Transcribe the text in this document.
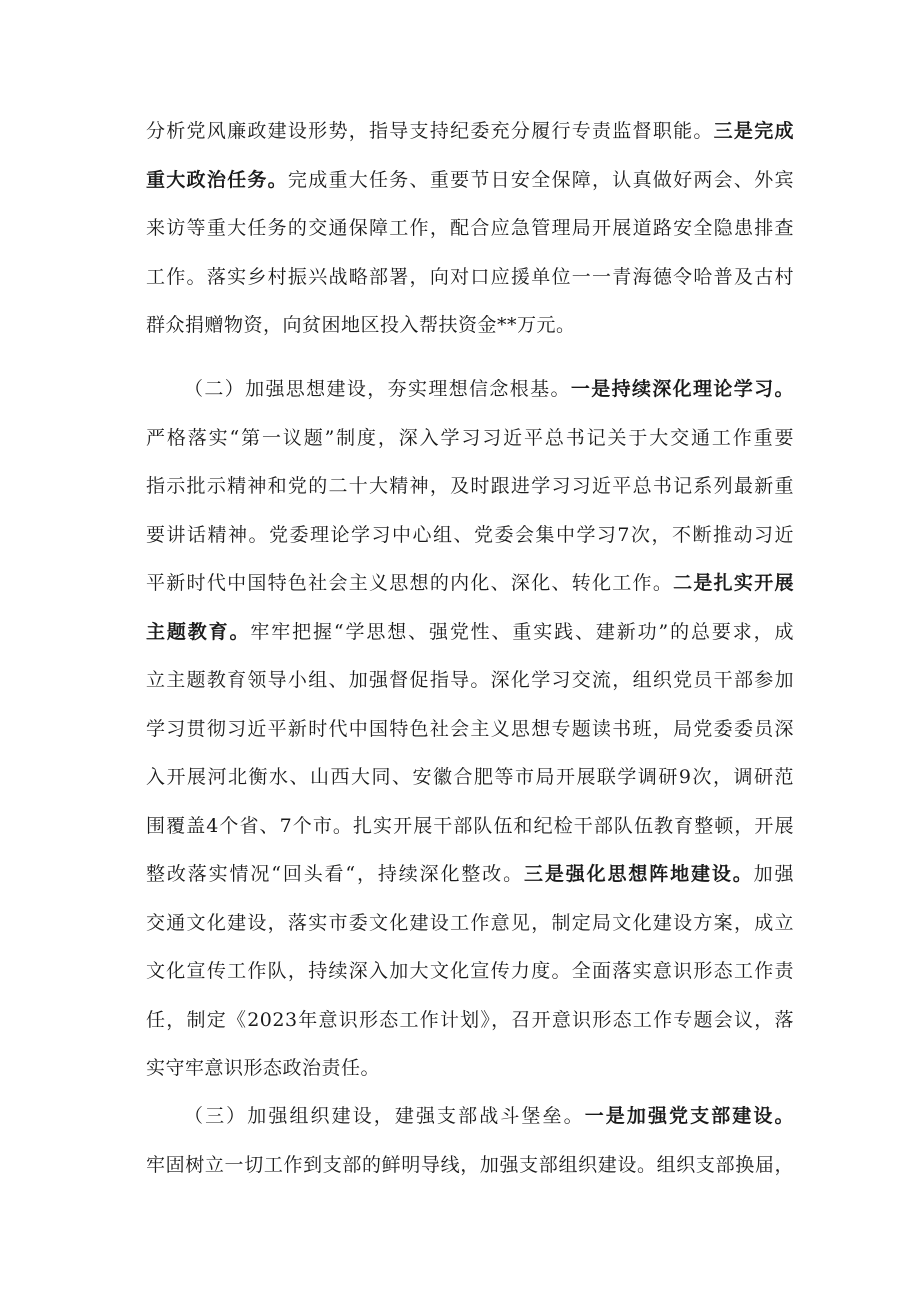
分析党风廉政建设形势，指导支持纪委充分履行专责监督职能。三是完成
重大政治任务。完成重大任务、重要节日安全保障，认真做好两会、外宾
来访等重大任务的交通保障工作，配合应急管理局开展道路安全隐患排查
工作。落实乡村振兴战略部署，向对口应援单位一一青海德令哈普及古村
群众捐赠物资，向贫困地区投入帮扶资金**万元。
（二）加强思想建设，夯实理想信念根基。一是持续深化理论学习。
严格落实“第一议题”制度，深入学习习近平总书记关于大交通工作重要
指示批示精神和党的二十大精神，及时跟进学习习近平总书记系列最新重
要讲话精神。党委理论学习中心组、党委会集中学习7次，不断推动习近
平新时代中国特色社会主义思想的内化、深化、转化工作。二是扎实开展
主题教育。牢牢把握“学思想、强党性、重实践、建新功”的总要求，成
立主题教育领导小组、加强督促指导。深化学习交流，组织党员干部参加
学习贯彻习近平新时代中国特色社会主义思想专题读书班，局党委委员深
入开展河北衡水、山西大同、安徽合肥等市局开展联学调研9次，调研范
围覆盖4个省、7个市。扎实开展干部队伍和纪检干部队伍教育整顿，开展
整改落实情况“回头看“，持续深化整改。三是强化思想阵地建设。加强
交通文化建设，落实市委文化建设工作意见，制定局文化建设方案，成立
文化宣传工作队，持续深入加大文化宣传力度。全面落实意识形态工作责
任，制定《2023年意识形态工作计划》，召开意识形态工作专题会议，落
实守牢意识形态政治责任。
（三）加强组织建设，建强支部战斗堡垒。一是加强党支部建设。
牢固树立一切工作到支部的鲜明导线，加强支部组织建设。组织支部换届，
